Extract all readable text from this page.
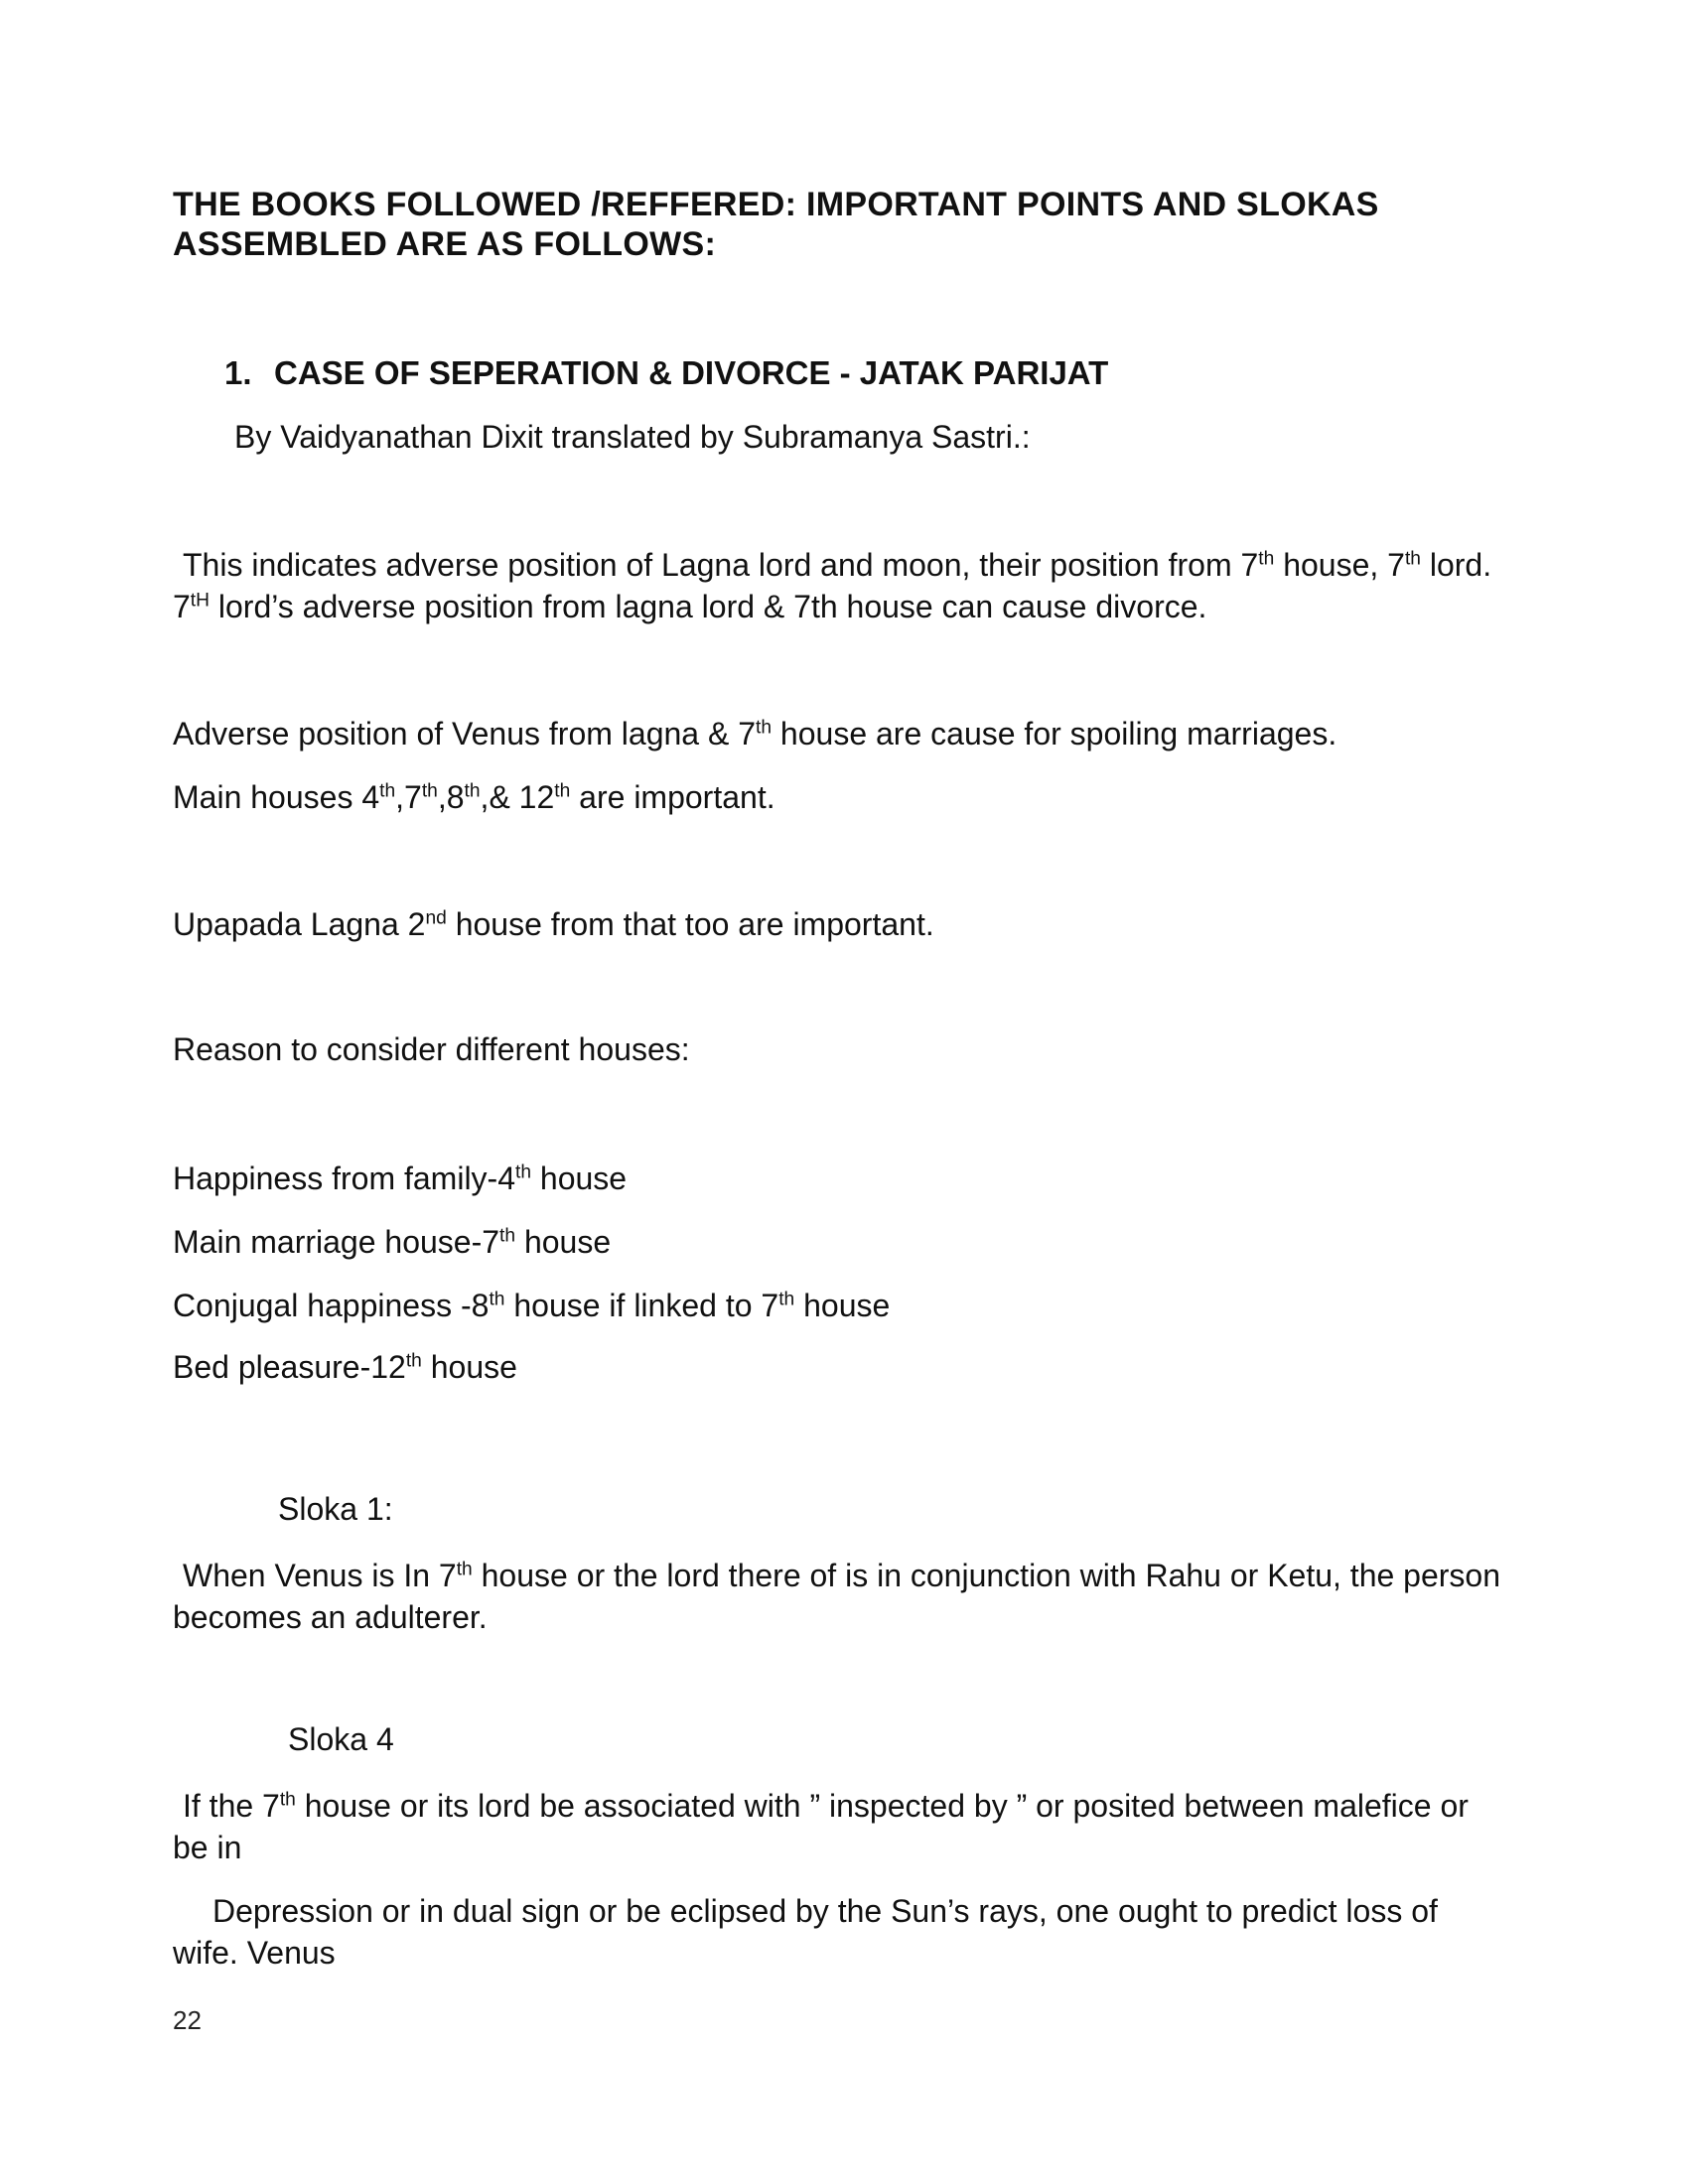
THE BOOKS FOLLOWED /REFFERED: IMPORTANT POINTS AND SLOKAS ASSEMBLED ARE AS FOLLOWS:

1. CASE OF SEPERATION & DIVORCE - JATAK PARIJAT

By Vaidyanathan Dixit translated by Subramanya Sastri.:

This indicates adverse position of Lagna lord and moon, their position from 7th house, 7th lord. 7tH lord’s adverse position from lagna lord & 7th house can cause divorce.

Adverse position of Venus from lagna & 7th house are cause for spoiling marriages.

Main houses 4th,7th,8th,& 12th are important.

Upapada Lagna 2nd house from that too are important.

Reason to consider different houses:

Happiness from family-4th house

Main marriage house-7th house

Conjugal happiness -8th house if linked to 7th house

Bed pleasure-12th house

Sloka 1:

When Venus is In 7th house or the lord there of is in conjunction with Rahu or Ketu, the person becomes an adulterer.

Sloka 4

If the 7th house or its lord be associated with ” inspected by ” or posited between malefice or be in

Depression or in dual sign or be eclipsed by the Sun’s rays, one ought to predict loss of wife. Venus

22
